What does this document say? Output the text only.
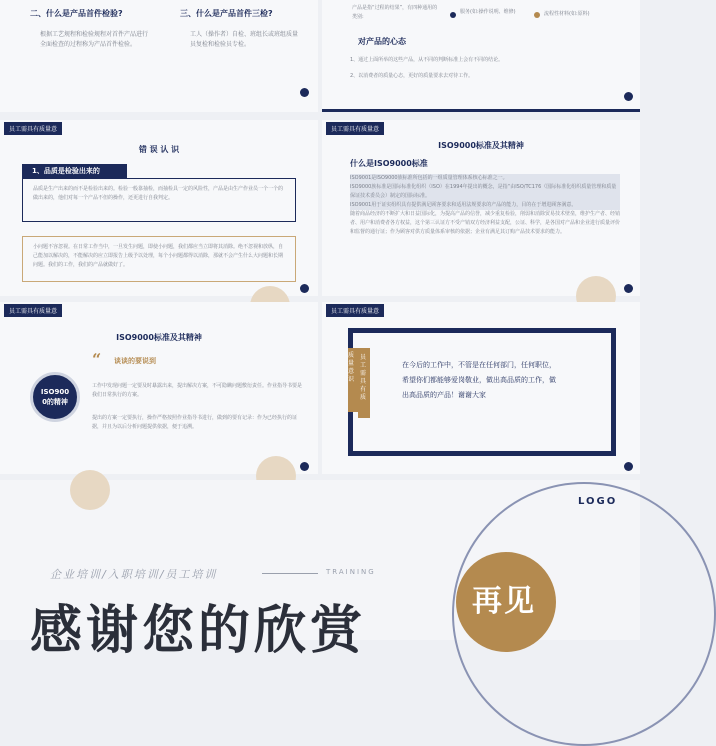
二、什么是产品首件检验?
根据工艺规程和检验规程对首件产品进行全面检查的过程称为产品首件检验。
三、什么是产品首件三检?
工人（操作者）自检、班组长或班组质量员复检和检验员专检。
产品是指“过程的结果”，有四种通用的类别:
服务(如:操作说明、维修)	流程性材料(如:原料)
对产品的心态
1、通过上面所举的这些产品，从不同的判断标准上会有不同的结论。
2、以消费者的质量心态，更好的质量要求去对待工作。
员工需具有质量意
错 误 认 识
1、品质是检验出来的
品质是生产出来的而不是检验出来的。检验一般靠抽检，而抽检具一定的风险性，产品是由生产作业员一个一个的做出来的，他们对每一个产品不但的操作，还更进行自我判定。
小问题不容忽视。在日常工作当中，一旦发生问题，即使小问题，我们都应当立即将其消除。绝不忽视和放纵，自己能加以解决的，不能解决的应立即报告上级予以处理，每个小问题都得以消除，那就不会产生什么大问题和长期问题。我们的工作，我们的产品就做好了。
员工需具有质量意
ISO9000标准及其精神
什么是ISO9000标准
ISO9001是ISO9000族标准所包括的一组质量管理体系核心标准之一。
ISO9000族标准是国际标准化组织（ISO）在1994年提出的概念，是指“由ISO/TC176（国际标准化组织质量管理和质量保证技术委员会）制定的国际标准。
ISO9001用于证实组织具有提供满足顾客要求和适用法规要求的产品的能力，目的在于增进顾客满意。
随着商品经济的不断扩大和日益国际化，为提高产品的信誉，减少重复检验，削弱和消除贸易技术壁垒，维护生产者、经销者、用户和消费者各方权益，这个第三认证方不受产销双方经济利益支配，公证、科学，是各国对产品和企业进行质量评价和监督的通行证；作为顾客对供方质量体系审核的依据；企业有满足其订购产品技术要求的能力。
员工需具有质量意
ISO9000标准及其精神
“ 谈谈的要说到
ISO9000的精神
工作中发现问题一定要及时暴露出来，提出解决方案，不可隐瞒问题敷衍责任。作业指导书要是我们日常执行的方案。
提出的方案一定要执行，操作严格按照作业指导书进行，做到的要有记录：作为已经执行的证据，并且为以后分析问题提供依据，便于追溯。
员工需具有质量意
质量意识
员工需具有质
在今后的工作中，不管是在任何部门，任何职位，希望你们都能够爱岗敬业，做出高品质的工作，做出高品质的产品！谢谢大家
LOGO
企业培训/入职培训/员工培训	TRAINING
感谢您的欣赏	再见
